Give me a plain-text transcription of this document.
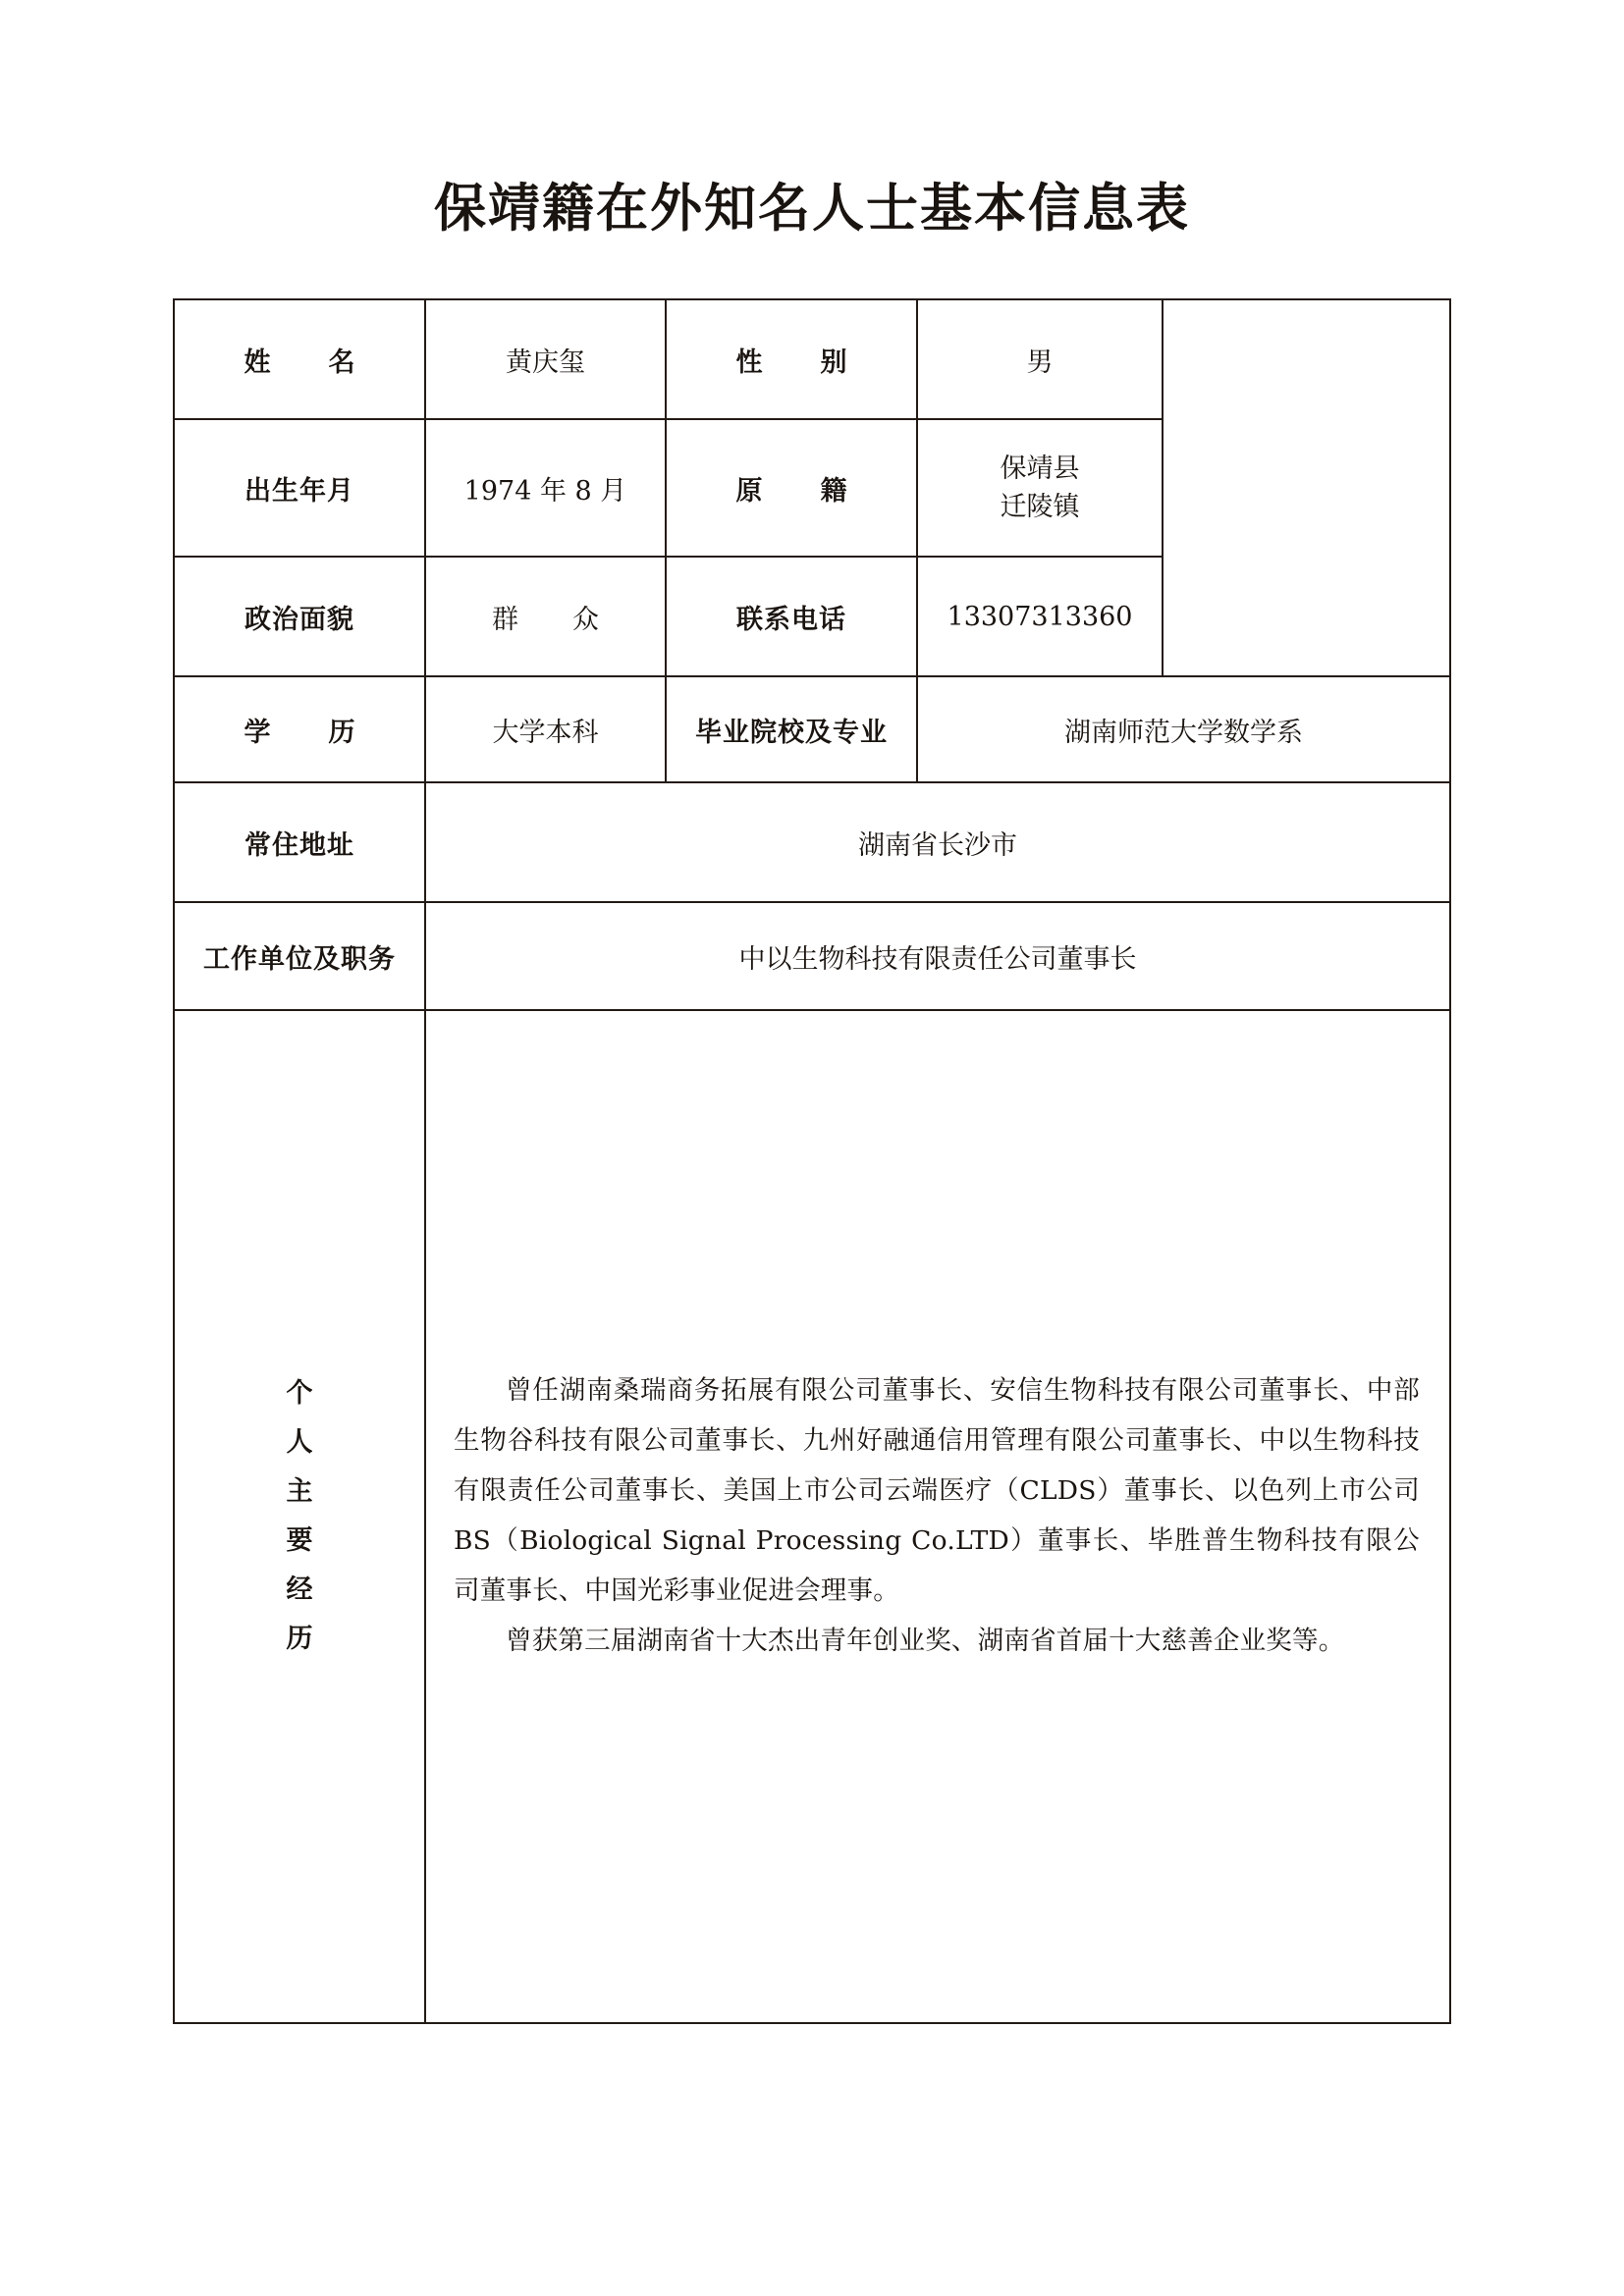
保靖籍在外知名人士基本信息表
姓　名	黄庆玺	性　别	男	

出生年月	1974 年 8 月	原　籍	保靖县
迁陵镇	

政治面貌	群　众	联系电话	13307313360	
学　历	大学本科	毕业院校及专业	湖南师范大学数学系	
常住地址	湖南省长沙市			
工作单位及职务	中以生物科技有限责任公司董事长			

个
人
主
要
经
历

曾任湖南桑瑞商务拓展有限公司董事长、安信生物科技有限公司董事长、中部生物谷科技有限公司董事长、九州好融通信用管理有限公司董事长、中以生物科技有限责任公司董事长、美国上市公司云端医疗（CLDS）董事长、以色列上市公司BS（Biological Signal Processing Co.LTD）董事长、毕胜普生物科技有限公司董事长、中国光彩事业促进会理事。

曾获第三届湖南省十大杰出青年创业奖、湖南省首届十大慈善企业奖等。
